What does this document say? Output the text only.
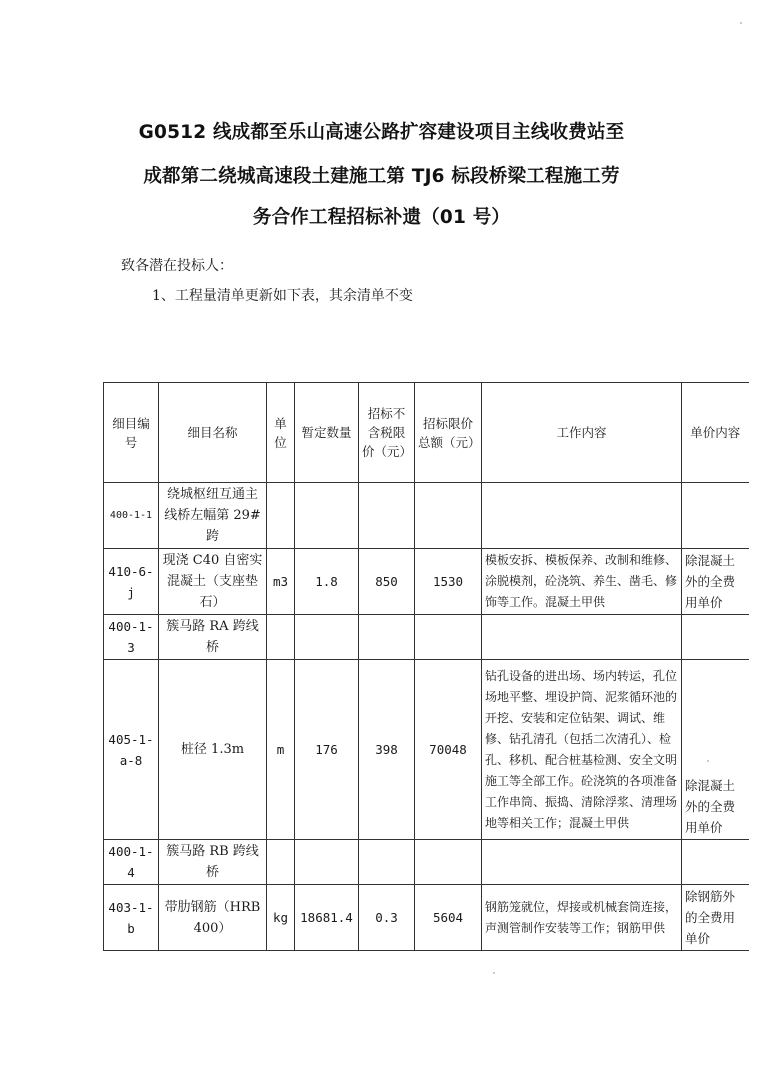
G0512 线成都至乐山高速公路扩容建设项目主线收费站至
成都第二绕城高速段土建施工第 TJ6 标段桥梁工程施工劳
务合作工程招标补遗（01 号）
致各潜在投标人：
1、工程量清单更新如下表，其余清单不变
细目编号	细目名称	单位	暂定数量	招标不含税限价（元）	招标限价总额（元）	工作内容	单价内容
400-1-1	绕城枢纽互通主线桥左幅第 29#跨						
410-6-j	现浇 C40 自密实混凝土（支座垫石）	m3	1.8	850	1530	模板安拆、模板保养、改制和维修、涂脱模剂，砼浇筑、养生、凿毛、修饰等工作。混凝土甲供	除混凝土外的全费用单价
400-1-3	簇马路 RA 跨线桥						
405-1-a-8	桩径 1.3m	m	176	398	70048	钻孔设备的进出场、场内转运，孔位场地平整、埋设护筒、泥浆循环池的开挖、安装和定位钻架、调试、维修、钻孔清孔（包括二次清孔）、检孔、移机、配合桩基检测、安全文明施工等全部工作。砼浇筑的各项准备工作串筒、振捣、清除浮浆、清理场地等相关工作；混凝土甲供	除混凝土外的全费用单价
400-1-4	簇马路 RB 跨线桥						
403-1-b	带肋钢筋（HRB400）	kg	18681.4	0.3	5604	钢筋笼就位，焊接或机械套筒连接，声测管制作安装等工作；钢筋甲供	除钢筋外的全费用单价
